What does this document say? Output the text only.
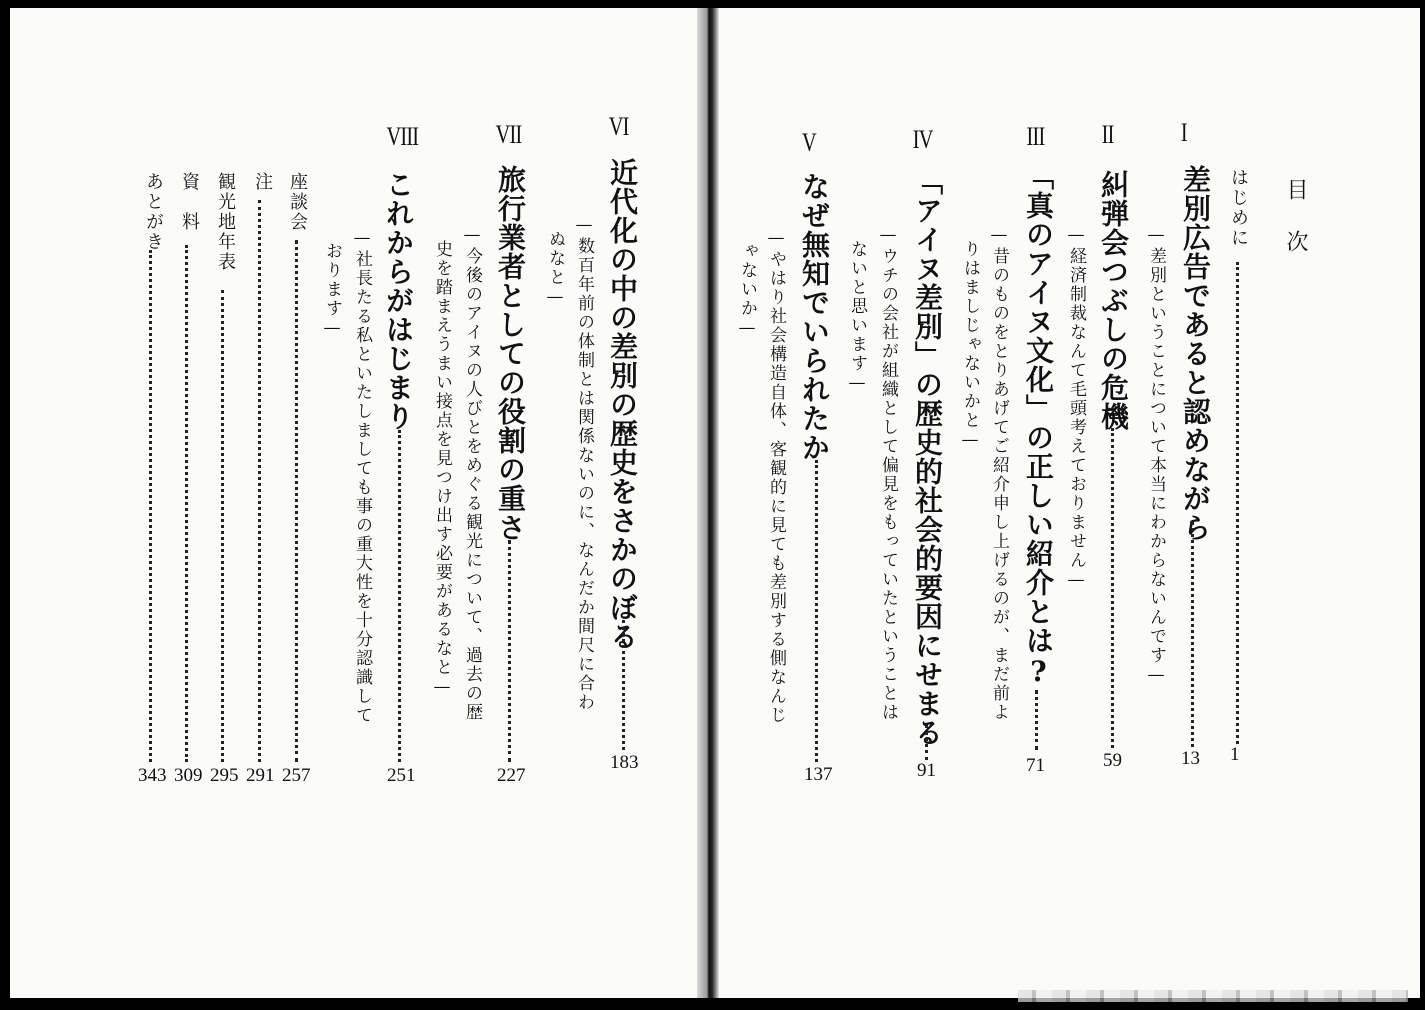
目次
はじめに
1
I
差別広告であると認めながら
—差別ということについて本当にわからないんです—
13
II
糾弾会つぶしの危機
—経済制裁なんて毛頭考えておりません—
59
III
「真のアイヌ文化」の正しい紹介とは?
—昔のものをとりあげてご紹介申し上げるのが、まだ前よ
りはましじゃないかと—
71
IV
「アイヌ差別」の歴史的社会的要因にせまる
—ウチの会社が組織として偏見をもっていたということは
ないと思います—
91
V
なぜ無知でいられたか
—やはり社会構造自体、客観的に見ても差別する側なんじ
ゃないか—
137
VI
近代化の中の差別の歴史をさかのぼる
—数百年前の体制とは関係ないのに、なんだか間尺に合わ
ぬなと—
183
VII
旅行業者としての役割の重さ
—今後のアイヌの人びとをめぐる観光について、過去の歴
史を踏まえうまい接点を見つけ出す必要があるなと—
227
VIII
これからがはじまり
—社長たる私といたしましても事の重大性を十分認識して
おります—
251
座談会
257
注
291
観光地年表
295
資　料
309
あとがき
343
